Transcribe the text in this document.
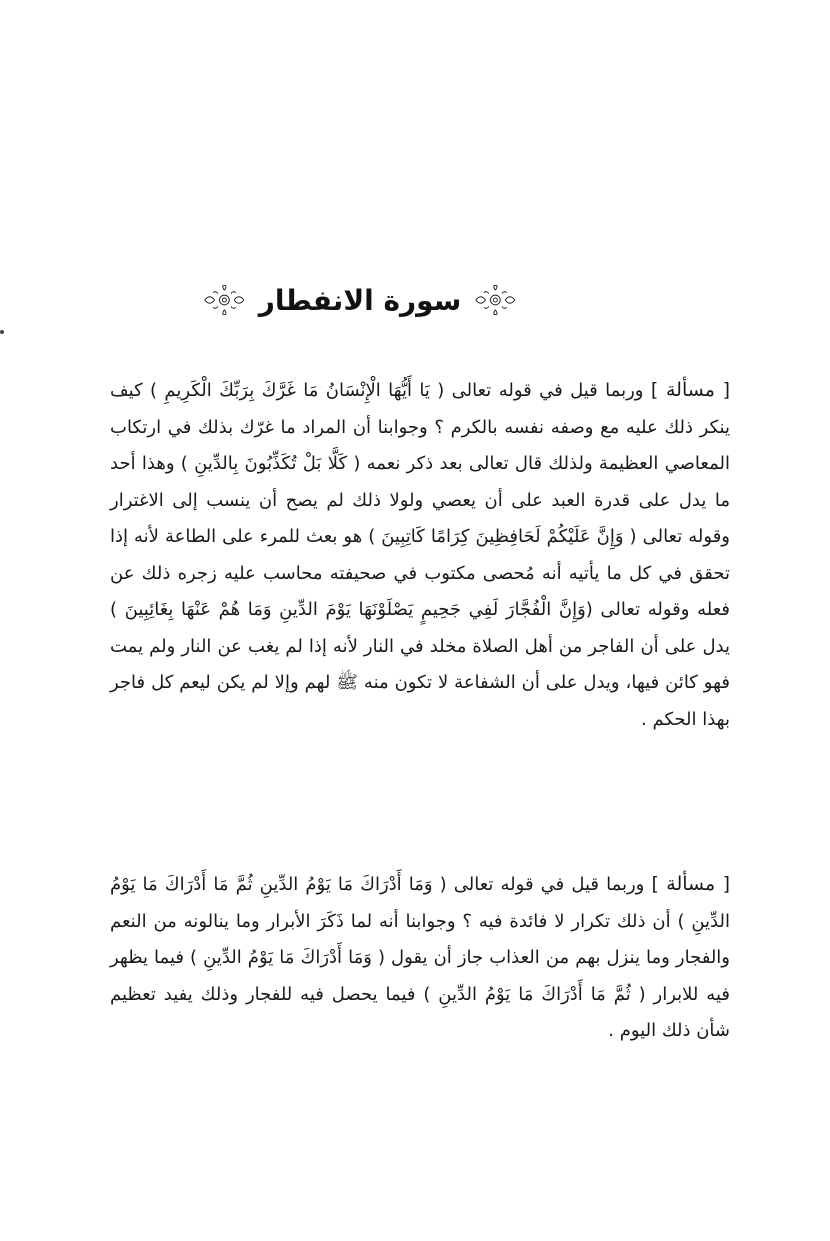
سورة الانفطار

[ مسألة ] وربما قيل في قوله تعالى ( يَا أَيُّهَا الْإِنْسَانُ مَا غَرَّكَ بِرَبِّكَ الْكَرِيمِ ) كيف ينكر ذلك عليه مع وصفه نفسه بالكرم ؟ وجوابنا أن المراد ما غرّك بذلك في ارتكاب المعاصي العظيمة ولذلك قال تعالى بعد ذكر نعمه ( كَلَّا بَلْ تُكَذِّبُونَ بِالدِّينِ ) وهذا أحد ما يدل على قدرة العبد على أن يعصي ولولا ذلك لم يصح أن ينسب إلى الاغترار وقوله تعالى ( وَإِنَّ عَلَيْكُمْ لَحَافِظِينَ كِرَامًا كَاتِبِينَ ) هو بعث للمرء على الطاعة لأنه إذا تحقق في كل ما يأتيه أنه مُحصى مكتوب في صحيفته محاسب عليه زجره ذلك عن فعله وقوله تعالى (وَإِنَّ الْفُجَّارَ لَفِي جَحِيمٍ يَصْلَوْنَهَا يَوْمَ الدِّينِ وَمَا هُمْ عَنْهَا بِغَائِبِينَ ) يدل على أن الفاجر من أهل الصلاة مخلد في النار لأنه إذا لم يغب عن النار ولم يمت فهو كائن فيها، ويدل على أن الشفاعة لا تكون منه ﷺ لهم وإلا لم يكن ليعم كل فاجر بهذا الحكم .

[ مسألة ] وربما قيل في قوله تعالى ( وَمَا أَدْرَاكَ مَا يَوْمُ الدِّينِ ثُمَّ مَا أَدْرَاكَ مَا يَوْمُ الدِّينِ ) أن ذلك تكرار لا فائدة فيه ؟ وجوابنا أنه لما ذَكَرَ الأبرار وما ينالونه من النعم والفجار وما ينزل بهم من العذاب جاز أن يقول ( وَمَا أَدْرَاكَ مَا يَوْمُ الدِّينِ ) فيما يظهر فيه للابرار ( ثُمَّ مَا أَدْرَاكَ مَا يَوْمُ الدِّينِ ) فيما يحصل فيه للفجار وذلك يفيد تعظيم شأن ذلك اليوم .
